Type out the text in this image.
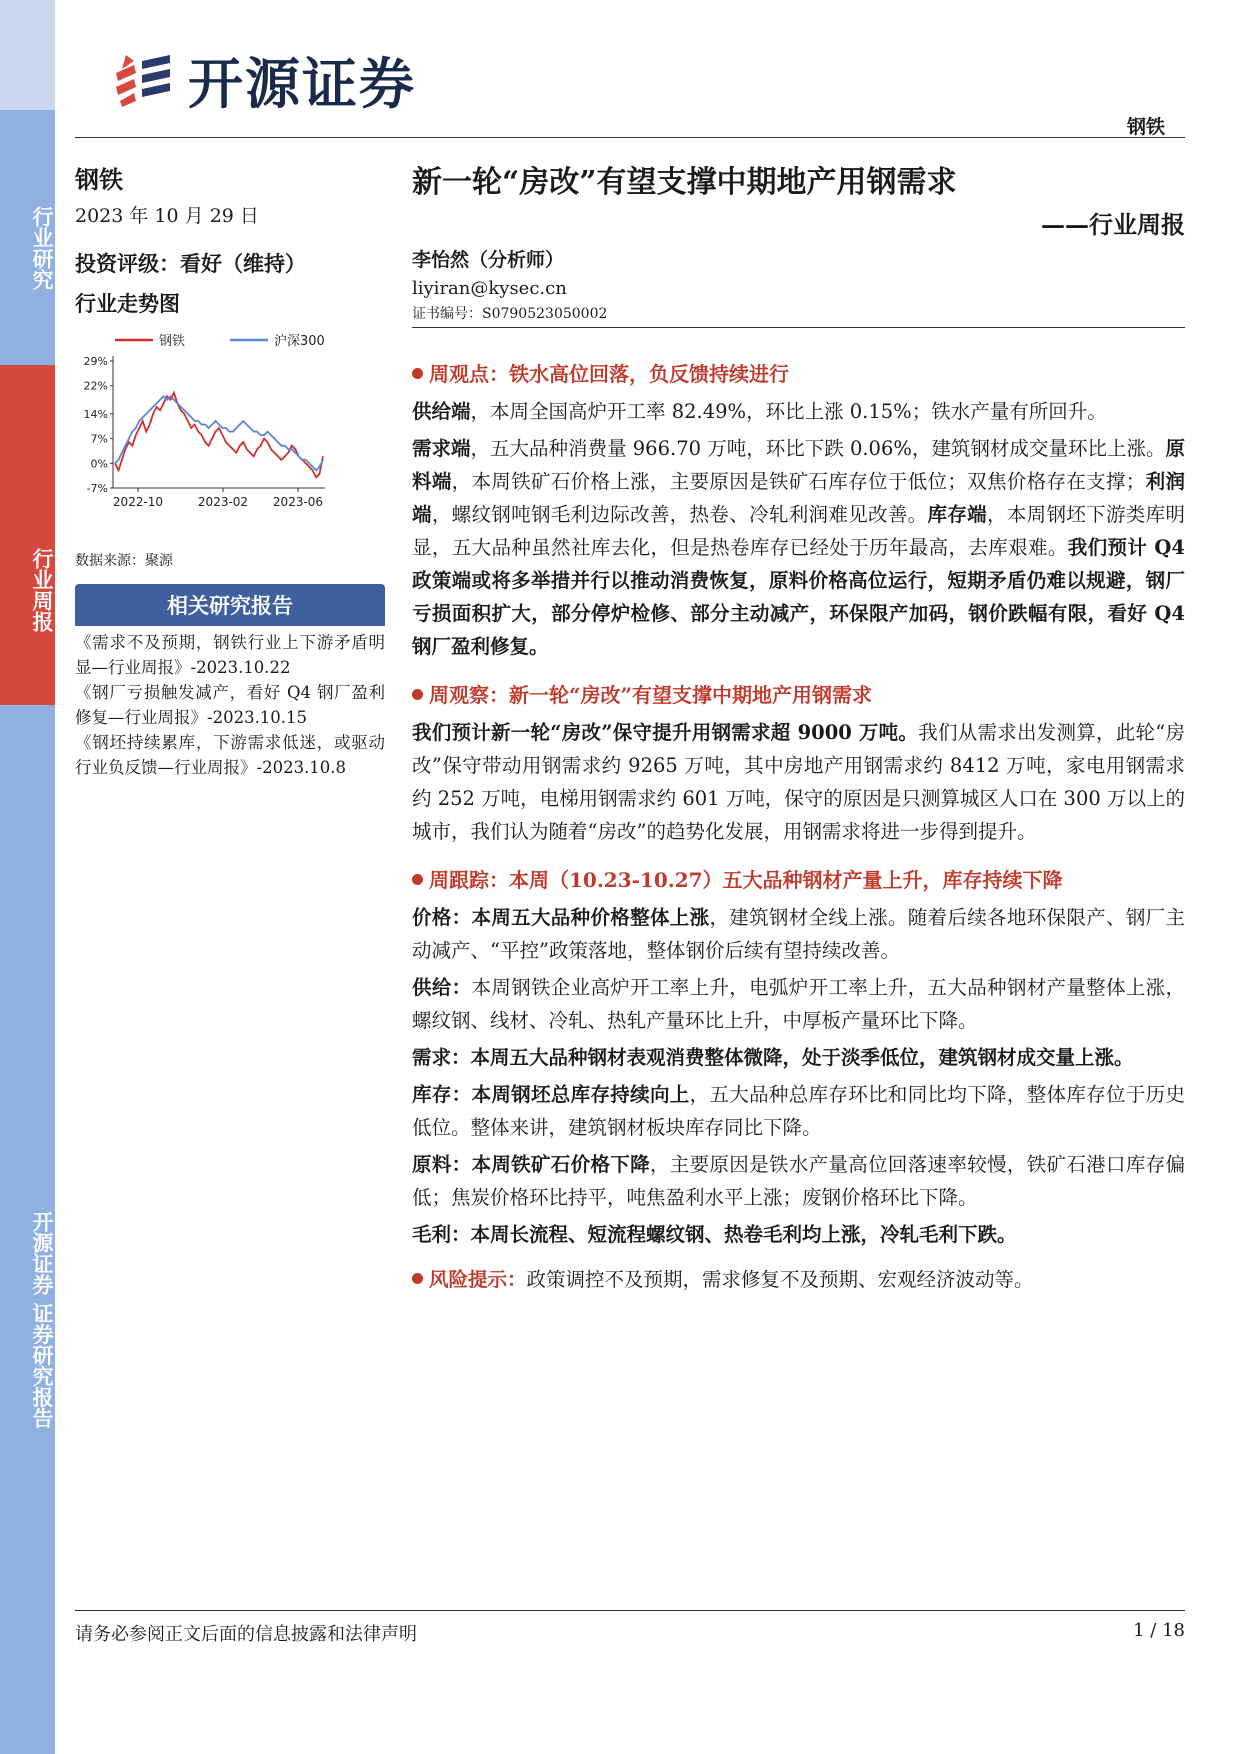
行业研究
行业周报
开源证券 证券研究报告
开源证券
钢铁
钢铁
2023 年 10 月 29 日
投资评级：看好（维持）
行业走势图
钢铁	沪深300
29%
22%
14%
7%
0%
-7%
2022-10	2023-02 2023-06
数据来源：聚源
相关研究报告
《需求不及预期，钢铁行业上下游矛盾明显—行业周报》-2023.10.22
《钢厂亏损触发减产，看好 Q4 钢厂盈利修复—行业周报》-2023.10.15
《钢坯持续累库，下游需求低迷，或驱动行业负反馈—行业周报》-2023.10.8
新一轮“房改”有望支撑中期地产用钢需求
——行业周报
李怡然（分析师）
liyiran@kysec.cn
证书编号：S0790523050002
周观点：铁水高位回落，负反馈持续进行

供给端，本周全国高炉开工率 82.49%，环比上涨 0.15%；铁水产量有所回升。

需求端，五大品种消费量 966.70 万吨，环比下跌 0.06%，建筑钢材成交量环比上涨。原料端，本周铁矿石价格上涨，主要原因是铁矿石库存位于低位；双焦价格存在支撑；利润端，螺纹钢吨钢毛利边际改善，热卷、冷轧利润难见改善。库存端，本周钢坯下游类库明显，五大品种虽然社库去化，但是热卷库存已经处于历年最高，去库艰难。我们预计 Q4 政策端或将多举措并行以推动消费恢复，原料价格高位运行，短期矛盾仍难以规避，钢厂亏损面积扩大，部分停炉检修、部分主动减产，环保限产加码，钢价跌幅有限，看好 Q4 钢厂盈利修复。

周观察：新一轮“房改”有望支撑中期地产用钢需求

我们预计新一轮“房改”保守提升用钢需求超 9000 万吨。我们从需求出发测算，此轮“房改”保守带动用钢需求约 9265 万吨，其中房地产用钢需求约 8412 万吨，家电用钢需求约 252 万吨，电梯用钢需求约 601 万吨，保守的原因是只测算城区人口在 300 万以上的城市，我们认为随着“房改”的趋势化发展，用钢需求将进一步得到提升。

周跟踪：本周（10.23-10.27）五大品种钢材产量上升，库存持续下降

价格：本周五大品种价格整体上涨，建筑钢材全线上涨。随着后续各地环保限产、钢厂主动减产、“平控”政策落地，整体钢价后续有望持续改善。

供给：本周钢铁企业高炉开工率上升，电弧炉开工率上升，五大品种钢材产量整体上涨，螺纹钢、线材、冷轧、热轧产量环比上升，中厚板产量环比下降。

需求：本周五大品种钢材表观消费整体微降，处于淡季低位，建筑钢材成交量上涨。

库存：本周钢坯总库存持续向上，五大品种总库存环比和同比均下降，整体库存位于历史低位。整体来讲，建筑钢材板块库存同比下降。

原料：本周铁矿石价格下降，主要原因是铁水产量高位回落速率较慢，铁矿石港口库存偏低；焦炭价格环比持平，吨焦盈利水平上涨；废钢价格环比下降。

毛利：本周长流程、短流程螺纹钢、热卷毛利均上涨，冷轧毛利下跌。

风险提示：政策调控不及预期，需求修复不及预期、宏观经济波动等。
请务必参阅正文后面的信息披露和法律声明	1 / 18
